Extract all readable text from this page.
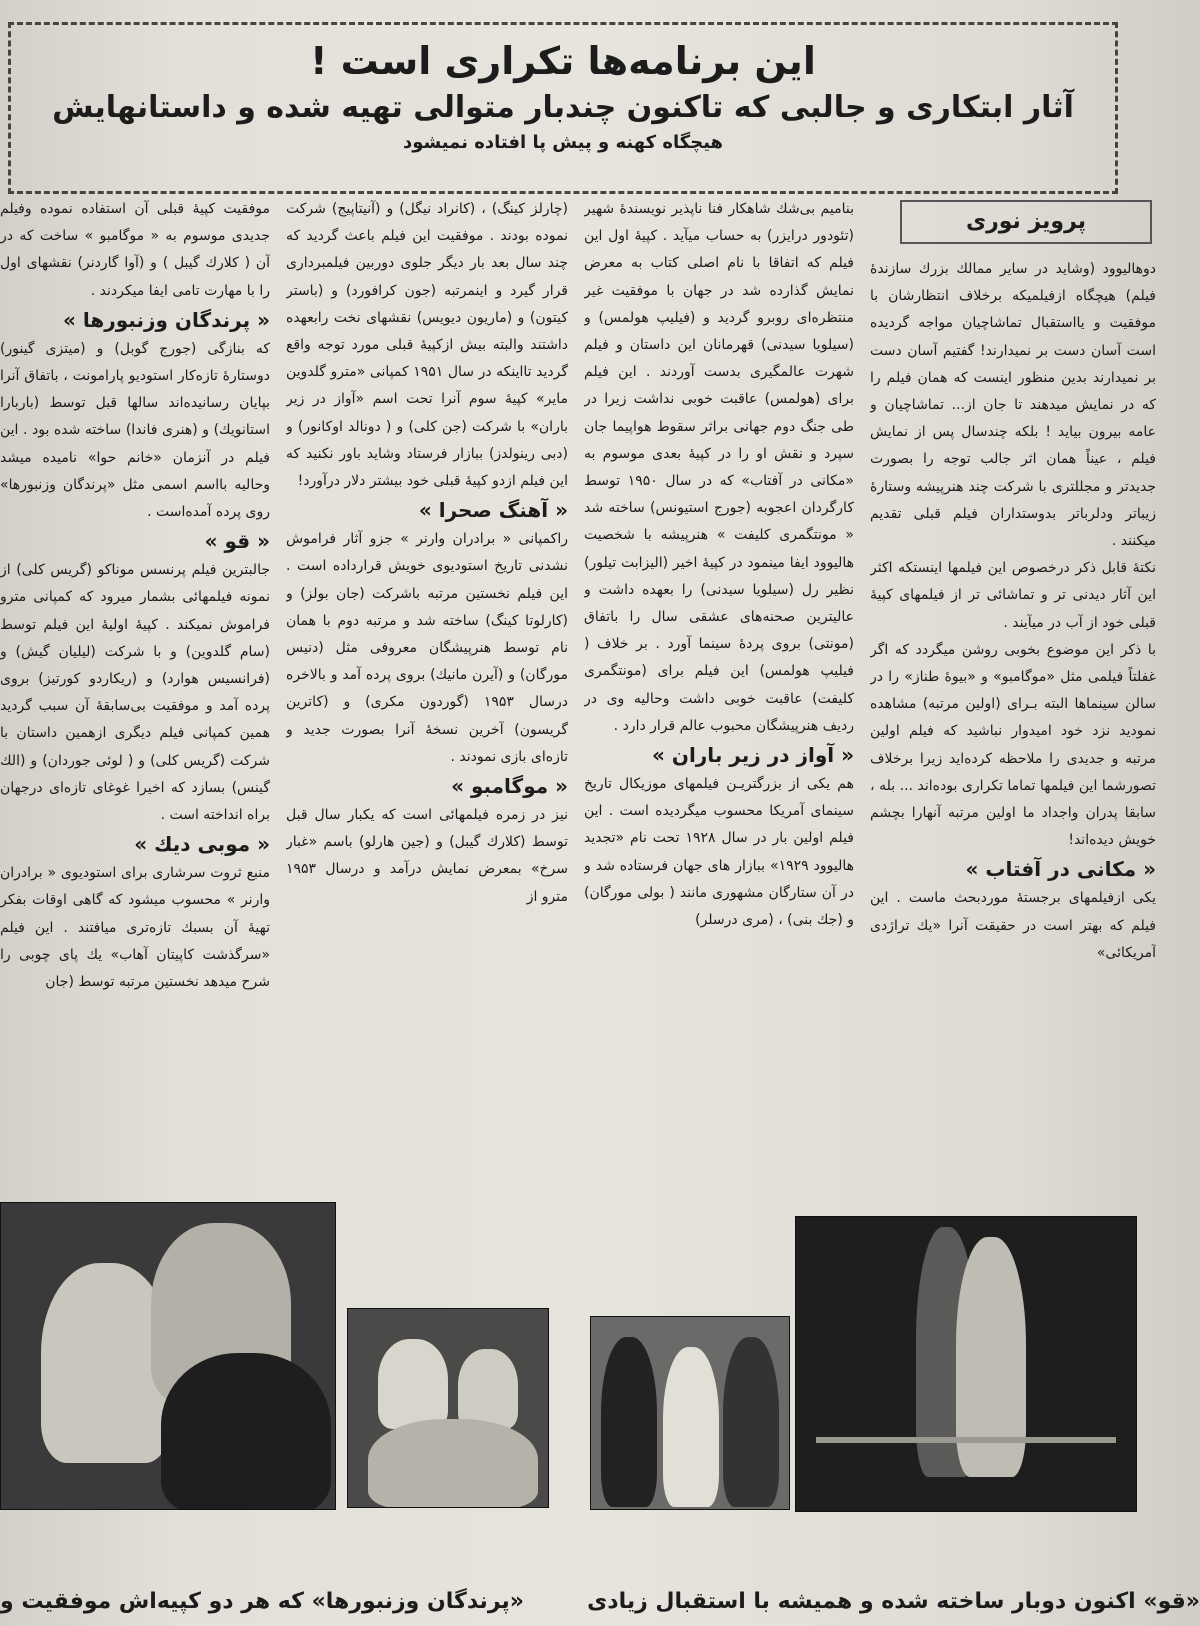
این برنامه‌ها تکراری است !
آثار ابتکاری و جالبی که تاکنون چندبار متوالی تهیه شده و داستانهایش
هیچگاه کهنه و پیش پا افتاده نمیشود
پرویز نوری

دوهالیوود (وشاید در سایر ممالك بزرك سازندهٔ فیلم) هیچگاه ازفیلمیکه برخلاف انتظارشان با موفقیت و یااستقبال تماشاچیان مواجه گردیده است آسان دست بر نمیدارند! گفتیم آسان دست بر نمیدارند بدین منظور اینست که همان فیلم را که در نمایش میدهند تا جان از... تماشاچیان و عامه بیرون بیاید ! بلکه چندسال پس از نمایش فیلم ، عیناً همان اثر جالب توجه را بصورت جدیدتر و مجللتری با شرکت چند هنرپیشه وستارهٔ زیباتر ودلرباتر بدوستداران فیلم قبلی تقدیم میکنند .

نکتهٔ قابل ذکر درخصوص این فیلمها اینستکه اکثر این آثار دیدنی تر و تماشائی تر از فیلمهای کپیهٔ قبلی خود از آب در میآیند .

با ذکر این موضوع بخوبی روشن میگردد که اگر غفلتاً فیلمی مثل «موگامبو» و «بیوهٔ طناز» را در سالن سینماها البته بـرای (اولین مرتبه) مشاهده نمودید نزد خود امیدوار نباشید که فیلم اولین مرتبه و جدیدی را ملاحظه کرده‌اید زیرا برخلاف تصورشما این فیلمها تماما تکراری بوده‌اند ... بله ، سابقا پدران واجداد ما اولین مرتبه آنهارا بچشم خویش دیده‌اند!

« مکانی در آفتاب »

یکی ازفیلمهای برجستهٔ موردبحث ماست . این فیلم که بهتر است در حقیقت آنرا «یك تراژدی آمریکائی»

بنامیم بی‌شك شاهکار فنا ناپذیر نویسندهٔ شهیر (تئودور درایزر) به حساب میآید . کپیهٔ اول این فیلم که اتفاقا با نام اصلی کتاب به معرض نمایش گذارده شد در جهان با موفقیت غیر منتظره‌ای روبرو گردید و (فیلیپ هولمس) و (سیلویا سیدنی) قهرمانان این داستان و فیلم شهرت عالمگیری بدست آوردند . این فیلم برای (هولمس) عاقبت خوبی نداشت زیرا در طی جنگ دوم جهانی براثر سقوط هواپیما جان سپرد و نقش او را در کپیهٔ بعدی موسوم به «مکانی در آفتاب» که در سال ۱۹۵۰ توسط کارگردان اعجوبه (جورج استیونس) ساخته شد « مونتگمری کلیفت » هنرپیشه با شخصیت هالیوود ایفا مینمود در کپیهٔ اخیر (الیزابت تیلور) نظیر رل (سیلویا سیدنی) را بعهده داشت و عالیترین صحنه‌های عشقی سال را باتفاق (مونتی) بروی پردهٔ سینما آورد . بر خلاف ( فیلیپ هولمس) این فیلم برای (مونتگمری کلیفت) عاقبت خوبی داشت وحالیه وی در ردیف هنرپیشگان محبوب عالم قرار دارد .

« آواز در زیر باران »

هم یکی از بزرگتریـن فیلمهای موزیکال تاریخ سینمای آمریکا محسوب میگردیده است . این فیلم اولین بار در سال ۱۹۲۸ تحت نام «تجدید هالیوود ۱۹۲۹» ببازار های جهان فرستاده شد و در آن ستارگان مشهوری مانند ( بولی مورگان) و (جك بنی) ، (مری درسلر)

(چارلز کینگ) ، (کانراد نیگل) و (آنیتاپیج) شرکت نموده بودند . موفقیت این فیلم باعث گردید که چند سال بعد بار دیگر جلوی دوربین فیلمبرداری قرار گیرد و اینمرتبه (جون کرافورد) و (باستر کیتون) و (ماریون دیویس) نقشهای نخت رابعهده داشتند والبته بیش ازکپیهٔ قبلی مورد توجه واقع گردید تااینکه در سال ۱۹۵۱ کمپانی «مترو گلدوین مایر» کپیهٔ سوم آنرا تحت اسم «آواز در زیر باران» با شرکت (جن کلی) و ( دونالد اوکانور) و (دبی رینولدز) ببازار فرستاد وشاید باور نکنید که این فیلم ازدو کپیهٔ قبلی خود بیشتر دلار درآورد!

« آهنگ صحرا »

راکمپانی « برادران وارنر » جزو آثار فراموش نشدنی تاریخ استودیوی خویش قرارداده است . این فیلم نخستین مرتبه باشرکت (جان بولز) و (کارلوتا کینگ) ساخته شد و مرتبه دوم با همان نام توسط هنرپیشگان معروفی مثل (دنیس مورگان) و (آیرن مانیك) بروی پرده آمد و بالاخره درسال ۱۹۵۳ (گوردون مکری) و (کاترین گریسون) آخرین نسخهٔ آنرا بصورت جدید و تازه‌ای بازی نمودند .

« موگامبو »

نیز در زمره فیلمهائی است که یکبار سال قبل توسط (کلارك گیبل) و (جین هارلو) باسم «غبار سرخ» بمعرض نمایش درآمد و درسال ۱۹۵۳ مترو از

موفقیت کپیهٔ قبلی آن استفاده نموده وفیلم جدیدی موسوم به « موگامبو » ساخت که در آن ( کلارك گیبل ) و (آوا گاردنر) نقشهای اول را با مهارت تامی ایفا میکردند .

« پرندگان وزنبورها »

که بنازگی (جورج گوبل) و (میتزی گینور) دوستارهٔ تازه‌کار استودیو پارامونت ، باتفاق آنرا بپایان رسانیده‌اند سالها قبل توسط (باربارا استانویك) و (هنری فاندا) ساخته شده بود . این فیلم در آنزمان «خانم حوا» نامیده میشد وحالیه بااسم اسمی مثل «پرندگان وزنبورها» روی پرده آمده‌است .

« قو »

جالبترین فیلم پرنسس موناکو (گریس کلی) از نمونه فیلمهائی بشمار میرود که کمپانی مترو فراموش نمیکند . کپیهٔ اولیهٔ این فیلم توسط (سام گلدوین) و با شرکت (لیلیان گیش) و (فرانسیس هوارد) و (ریکاردو کورتیز) بروی پرده آمد و موفقیت بی‌سابقهٔ آن سبب گردید همین کمپانی فیلم دیگری ازهمین داستان با شرکت (گریس کلی) و ( لوئی جوردان) و (الك گینس) بسازد که اخیرا غوغای تازه‌ای درجهان براه انداخته است .

« موبی دیك »

منبع ثروت سرشاری برای استودیوی « برادران وارنر » محسوب میشود که گاهی اوقات بفکر تهیهٔ آن بسبك تازه‌تری میافتند . این فیلم «سرگذشت کاپیتان آهاب» یك پای چوبی را شرح میدهد نخستین مرتبه توسط (جان

«قو» اکنون دوبار ساخته شده و همیشه با استقبال زیادی
«پرندگان وزنبورها» که هر دو کپیه‌اش موفقیت و
